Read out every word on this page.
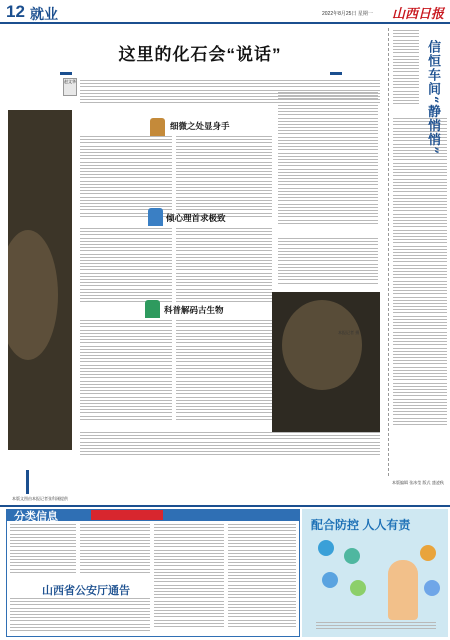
12 就业	2022年8月25日 星期一 山西日报
这里的化石会“说话”
赵文华
细微之处显身手
倾心理首求极致
科普解码古生物
本报记者 摄
本版文图由本报记者张科刚提供
信恒车间“静悄悄”
本版编辑 张冰莹 版式 盛凌秋
分类信息
山西省公安厅通告
配合防控 人人有责
